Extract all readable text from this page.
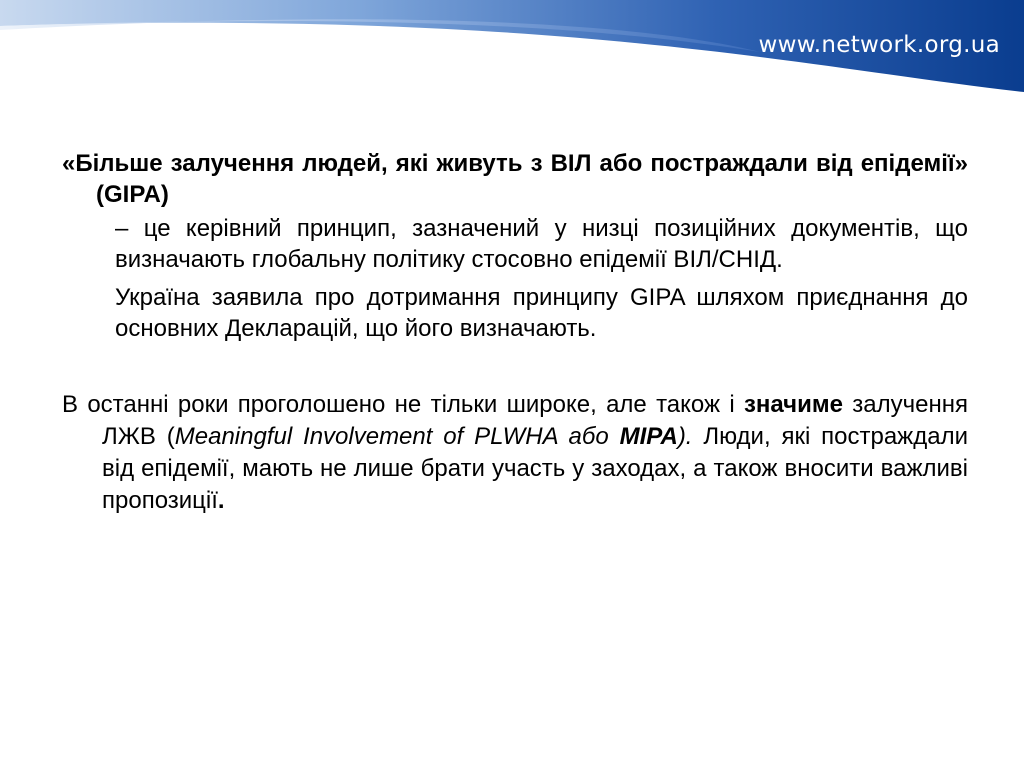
www.network.org.ua

«Більше залучення людей, які живуть з ВІЛ або постраждали від епідемії» (GIPA)

– це керівний принцип, зазначений у низці позиційних документів, що визначають глобальну політику стосовно епідемії ВІЛ/СНІД.

Україна заявила про дотримання принципу GIPA шляхом приєднання до основних Декларацій, що його визначають.

В останні роки проголошено не тільки широке, але також і значиме залучення ЛЖВ (Meaningful Involvement of PLWHA або MIPA). Люди, які постраждали від епідемії, мають не лише брати участь у заходах, а також вносити важливі пропозиції.
